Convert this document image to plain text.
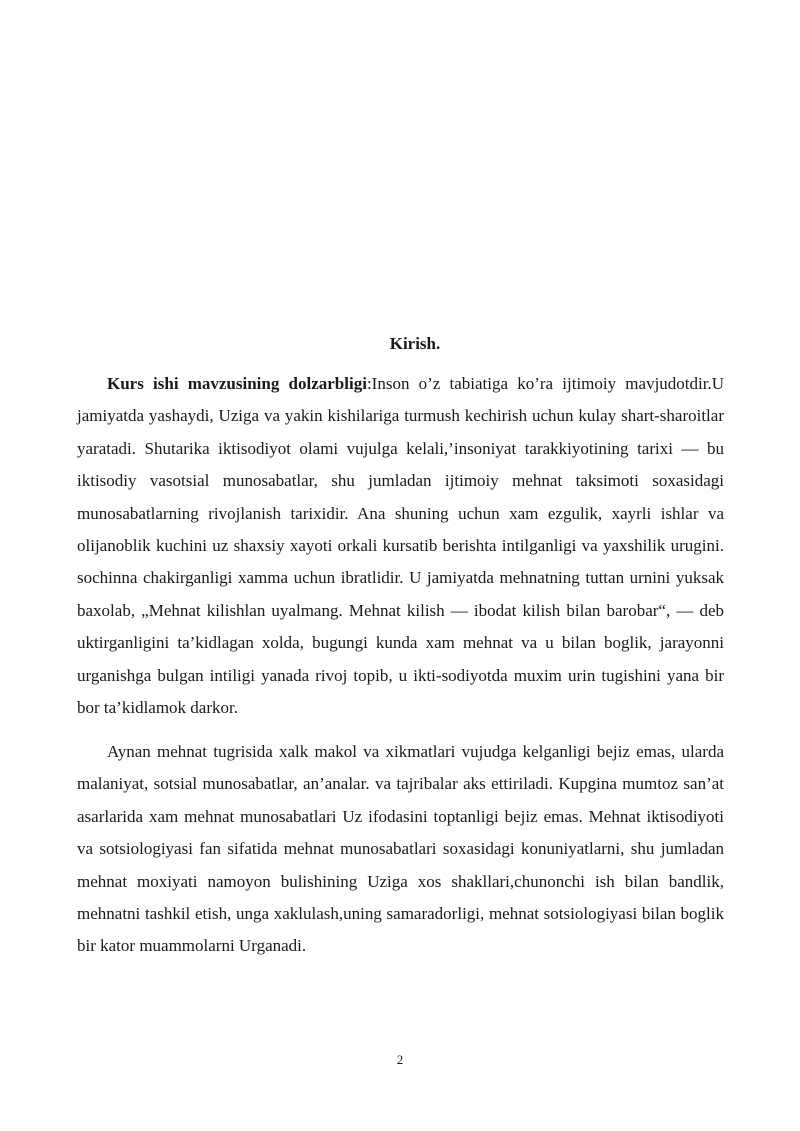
Kirish.

Kurs ishi mavzusining dolzarbligi:Inson o’z tabiatiga ko’ra ijtimoiy mavjudotdir.U jamiyatda yashaydi, Uziga va yakin kishilariga turmush kechirish uchun kulay shart-sharoitlar yaratadi. Shutarika iktisodiyot olami vujulga kelali,’insoniyat tarakkiyotining tarixi — bu iktisodiy vasotsial munosabatlar, shu jumladan ijtimoiy mehnat taksimoti soxasidagi munosabatlarning rivojlanish tarixidir. Ana shuning uchun xam ezgulik, xayrli ishlar va olijanoblik kuchini uz shaxsiy xayoti orkali kursatib berishta intilganligi va yaxshilik urugini. sochinna chakirganligi xamma uchun ibratlidir. U jamiyatda mehnatning tuttan urnini yuksak baxolab, „Mehnat kilishlan uyalmang. Mehnat kilish — ibodat kilish bilan barobar“, — deb uktirganligini ta’kidlagan xolda, bugungi kunda xam mehnat va u bilan boglik, jarayonni urganishga bulgan intiligi yanada rivoj topib, u ikti-sodiyotda muxim urin tugishini yana bir bor ta’kidlamok darkor.

Aynan mehnat tugrisida xalk makol va xikmatlari vujudga kelganligi bejiz emas, ularda malaniyat, sotsial munosabatlar, an’analar. va tajribalar aks ettiriladi. Kupgina mumtoz san’at asarlarida xam mehnat munosabatlari Uz ifodasini toptanligi bejiz emas. Mehnat iktisodiyoti va sotsiologiyasi fan sifatida mehnat munosabatlari soxasidagi konuniyatlarni, shu jumladan mehnat moxiyati namoyon bulishining Uziga xos shakllari,chunonchi ish bilan bandlik, mehnatni tashkil etish, unga xaklulash,uning samaradorligi, mehnat sotsiologiyasi bilan boglik bir kator muammolarni Urganadi.

2
